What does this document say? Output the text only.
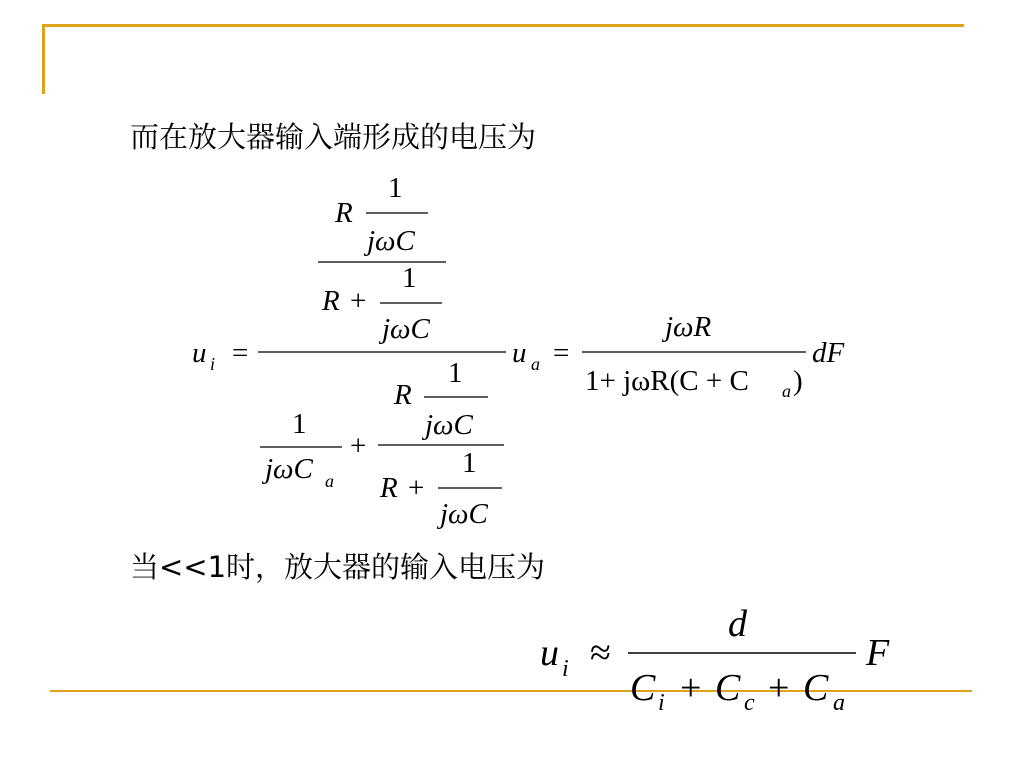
而在放大器输入端形成的电压为
当<<1时，放大器的输入电压为
R
1
jωC
R +
1
jωC
u i =	u a =
jωR
1+ jωR(C + C a )
dF
R
1
jωC
1
jωC a
+
R +
1
jωC
u i ≈
d
C i + C c + C a
F
